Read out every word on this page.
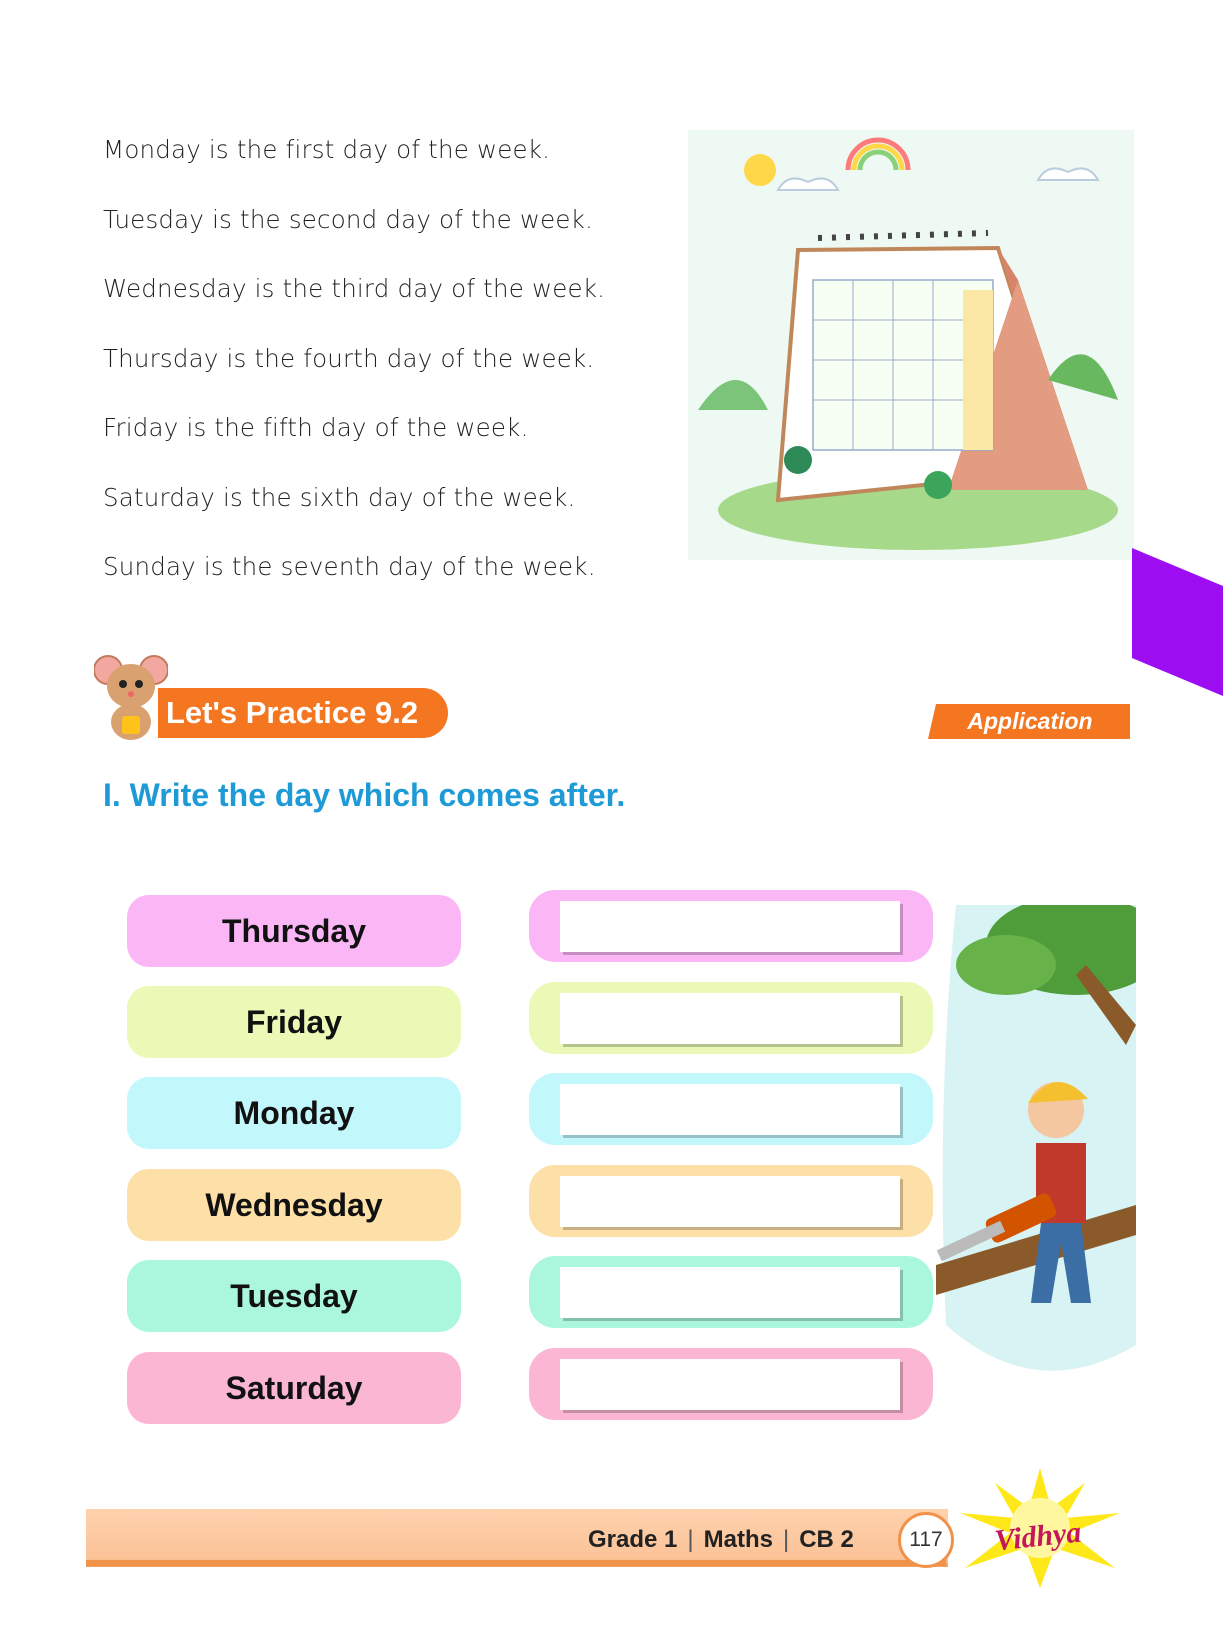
Monday is the first day of the week.
Tuesday is the second day of the week.
Wednesday is the third day of the week.
Thursday is the fourth day of the week.
Friday is the fifth day of the week.
Saturday is the sixth day of the week.
Sunday is the seventh day of the week.
Let's Practice 9.2	Application
I. Write the day which comes after.
Thursday
Friday
Monday
Wednesday
Tuesday
Saturday
Grade 1 | Maths | CB 2	117	Vidhya
